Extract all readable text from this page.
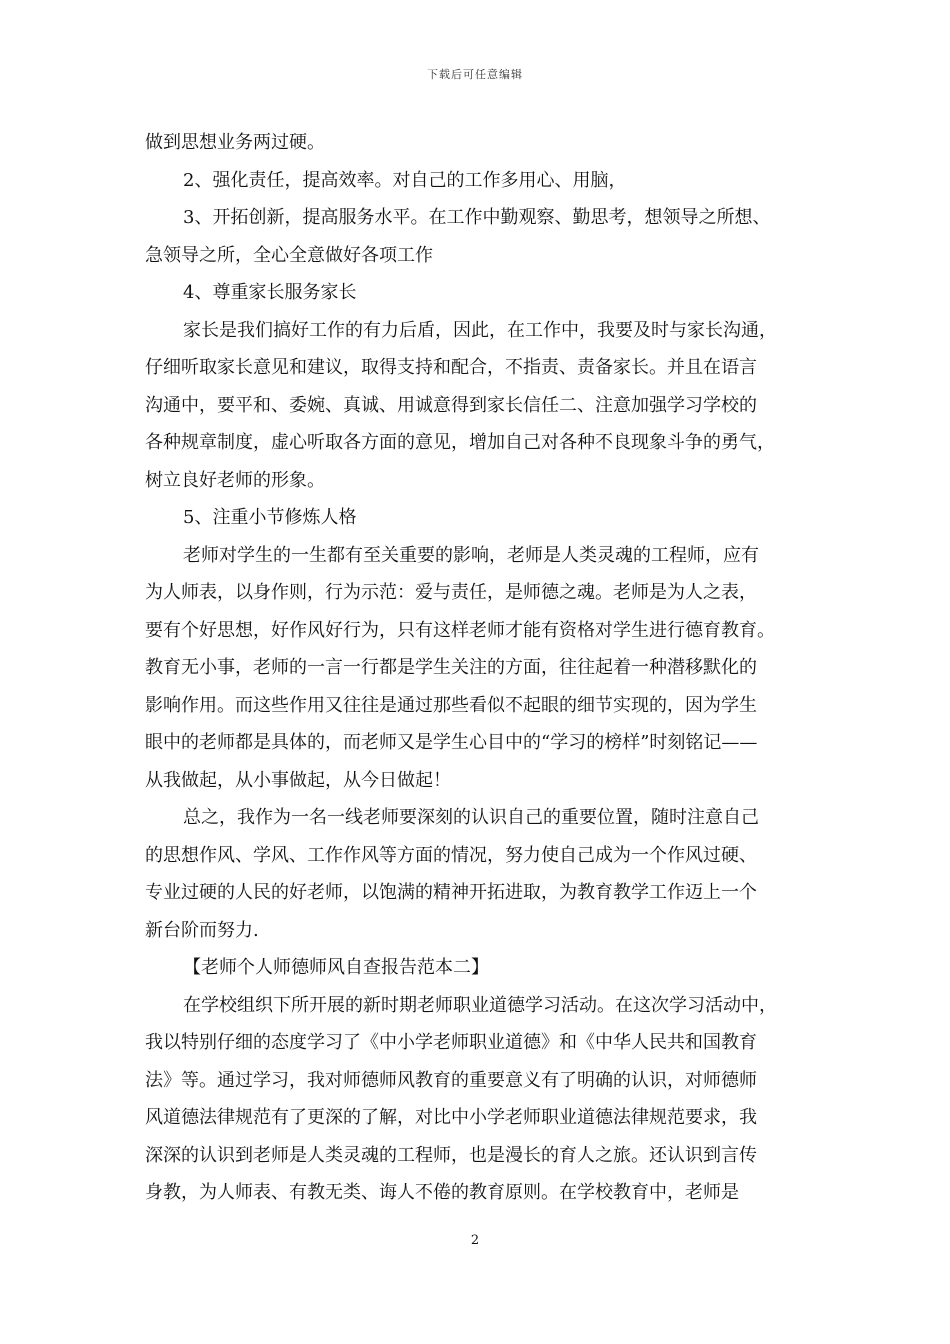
下载后可任意编辑
做到思想业务两过硬。
2、强化责任，提高效率。对自己的工作多用心、用脑，
3、开拓创新，提高服务水平。在工作中勤观察、勤思考，想领导之所想、
急领导之所，全心全意做好各项工作
4、尊重家长服务家长
家长是我们搞好工作的有力后盾，因此，在工作中，我要及时与家长沟通，
仔细听取家长意见和建议，取得支持和配合，不指责、责备家长。并且在语言
沟通中，要平和、委婉、真诚、用诚意得到家长信任二、注意加强学习学校的
各种规章制度，虚心听取各方面的意见，增加自己对各种不良现象斗争的勇气，
树立良好老师的形象。
5、注重小节修炼人格
老师对学生的一生都有至关重要的影响，老师是人类灵魂的工程师，应有
为人师表，以身作则，行为示范：爱与责任，是师德之魂。老师是为人之表，
要有个好思想，好作风好行为，只有这样老师才能有资格对学生进行德育教育。
教育无小事，老师的一言一行都是学生关注的方面，往往起着一种潜移默化的
影响作用。而这些作用又往往是通过那些看似不起眼的细节实现的，因为学生
眼中的老师都是具体的，而老师又是学生心目中的“学习的榜样”时刻铭记——
从我做起，从小事做起，从今日做起！
总之，我作为一名一线老师要深刻的认识自己的重要位置，随时注意自己
的思想作风、学风、工作作风等方面的情况，努力使自己成为一个作风过硬、
专业过硬的人民的好老师，以饱满的精神开拓进取，为教育教学工作迈上一个
新台阶而努力.
【老师个人师德师风自查报告范本二】
在学校组织下所开展的新时期老师职业道德学习活动。在这次学习活动中，
我以特别仔细的态度学习了《中小学老师职业道德》和《中华人民共和国教育
法》等。通过学习，我对师德师风教育的重要意义有了明确的认识，对师德师
风道德法律规范有了更深的了解，对比中小学老师职业道德法律规范要求，我
深深的认识到老师是人类灵魂的工程师，也是漫长的育人之旅。还认识到言传
身教，为人师表、有教无类、诲人不倦的教育原则。在学校教育中，老师是
2
